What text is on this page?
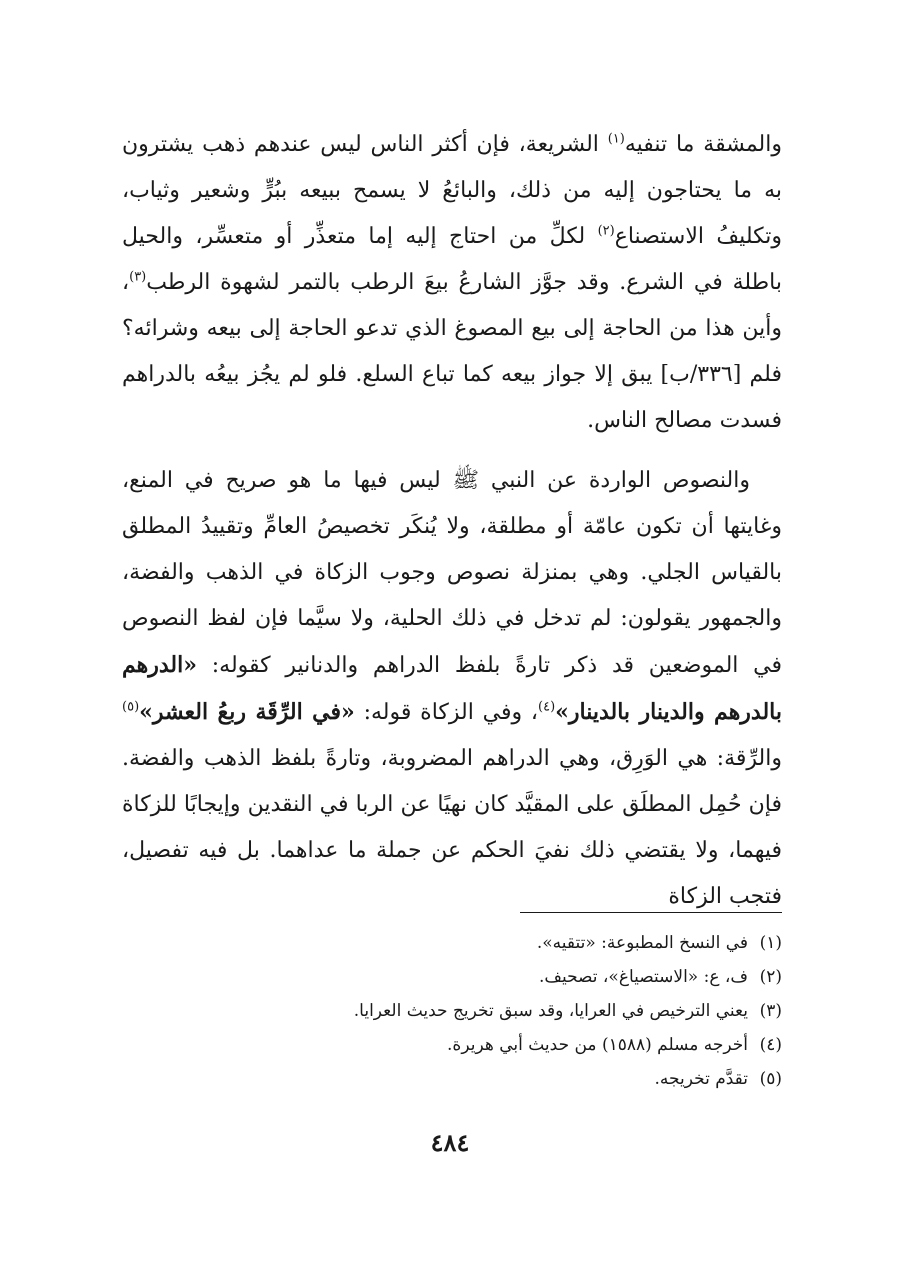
والمشقة ما تنفيه$^{(١)}$ الشريعة، فإن أكثر الناس ليس عندهم ذهب يشترون به ما يحتاجون إليه من ذلك، والبائعُ لا يسمح ببيعه ببُرٍّ وشعير وثياب، وتكليفُ الاستصناع$^{(٢)}$ لكلِّ من احتاج إليه إما متعذِّر أو متعسِّر، والحيل باطلة في الشرع. وقد جوَّز الشارعُ بيعَ الرطب بالتمر لشهوة الرطب$^{(٣)}$، وأين هذا من الحاجة إلى بيع المصوغ الذي تدعو الحاجة إلى بيعه وشرائه؟ فلم [٣٣٦/ب] يبق إلا جواز بيعه كما تباع السلع. فلو لم يجُز بيعُه بالدراهم فسدت مصالح الناس.

والنصوص الواردة عن النبي ﷺ ليس فيها ما هو صريح في المنع، وغايتها أن تكون عامّة أو مطلقة، ولا يُنكَر تخصيصُ العامِّ وتقييدُ المطلق بالقياس الجلي. وهي بمنزلة نصوص وجوب الزكاة في الذهب والفضة، والجمهور يقولون: لم تدخل في ذلك الحلية، ولا سيَّما فإن لفظ النصوص في الموضعين قد ذكر تارةً بلفظ الدراهم والدنانير كقوله: «الدرهم بالدرهم والدينار بالدينار»$^{(٤)}$، وفي الزكاة قوله: «في الرِّقَة ربعُ العشر»$^{(٥)}$ والرِّقة: هي الوَرِق، وهي الدراهم المضروبة، وتارةً بلفظ الذهب والفضة. فإن حُمِل المطلَق على المقيَّد كان نهيًا عن الربا في النقدين وإيجابًا للزكاة فيهما، ولا يقتضي ذلك نفيَ الحكم عن جملة ما عداهما. بل فيه تفصيل، فتجب الزكاة

(١)في النسخ المطبوعة: «تتقيه».
(٢)ف، ع: «الاستصياغ»، تصحيف.
(٣)يعني الترخيص في العرايا، وقد سبق تخريج حديث العرايا.
(٤)أخرجه مسلم (١٥٨٨) من حديث أبي هريرة.
(٥)تقدَّم تخريجه.
٤٨٤
